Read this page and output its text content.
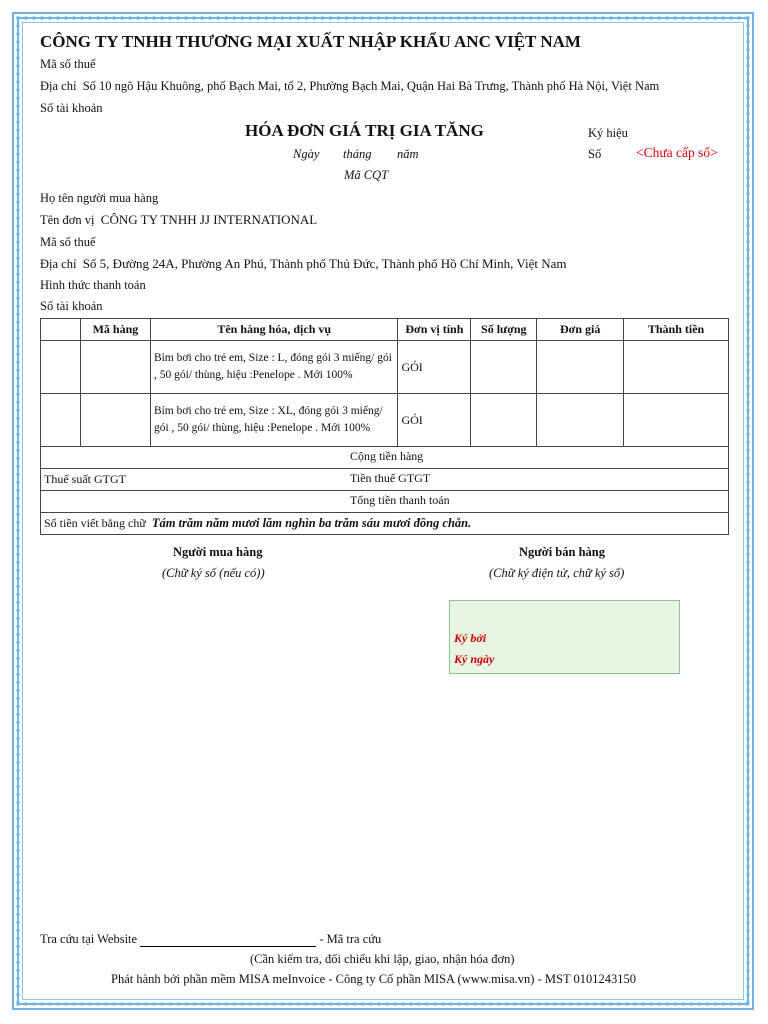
CÔNG TY TNHH THƯƠNG MẠI XUẤT NHẬP KHẨU ANC VIỆT NAM
Mã số thuế
Địa chỉ Số 10 ngõ Hậu Khuông, phố Bạch Mai, tổ 2, Phường Bạch Mai, Quận Hai Bà Trưng, Thành phố Hà Nội, Việt Nam
Số tài khoản
HÓA ĐƠN GIÁ TRỊ GIA TĂNG
Ngày tháng năm
Mã CQT
Ký hiệu
Số	<Chưa cấp số>
Họ tên người mua hàng
Tên đơn vị CÔNG TY TNHH JJ INTERNATIONAL
Mã số thuế
Địa chỉ Số 5, Đường 24A, Phường An Phú, Thành phố Thủ Đức, Thành phố Hồ Chí Minh, Việt Nam
Hình thức thanh toán
Số tài khoản
	Mã hàng	Tên hàng hóa, dịch vụ	Đơn vị tính	Số lượng	Đơn giá	Thành tiền
		Bỉm bơi cho trẻ em, Size : L, đóng gói 3 miếng/ gói , 50 gói/ thùng, hiệu :Penelope . Mới 100%	GÓI			
		Bỉm bơi cho trẻ em, Size : XL, đóng gói 3 miếng/ gói , 50 gói/ thùng, hiệu :Penelope . Mới 100%	GÓI			

			Cộng tiền hàng			

Thuế suất GTGT			Tiền thuế GTGT			

			Tổng tiền thanh toán			

Số tiền viết bằng chữ Tám trăm năm mươi lăm nghìn ba trăm sáu mươi đồng chẵn.						
Người mua hàng
(Chữ ký số (nếu có))
Người bán hàng
(Chữ ký điện tử, chữ ký số)
Ký bởi
Ký ngày
Tra cứu tại Website	- Mã tra cứu
(Cần kiểm tra, đối chiếu khi lập, giao, nhận hóa đơn)
Phát hành bởi phần mềm MISA meInvoice - Công ty Cổ phần MISA (www.misa.vn) - MST 0101243150
